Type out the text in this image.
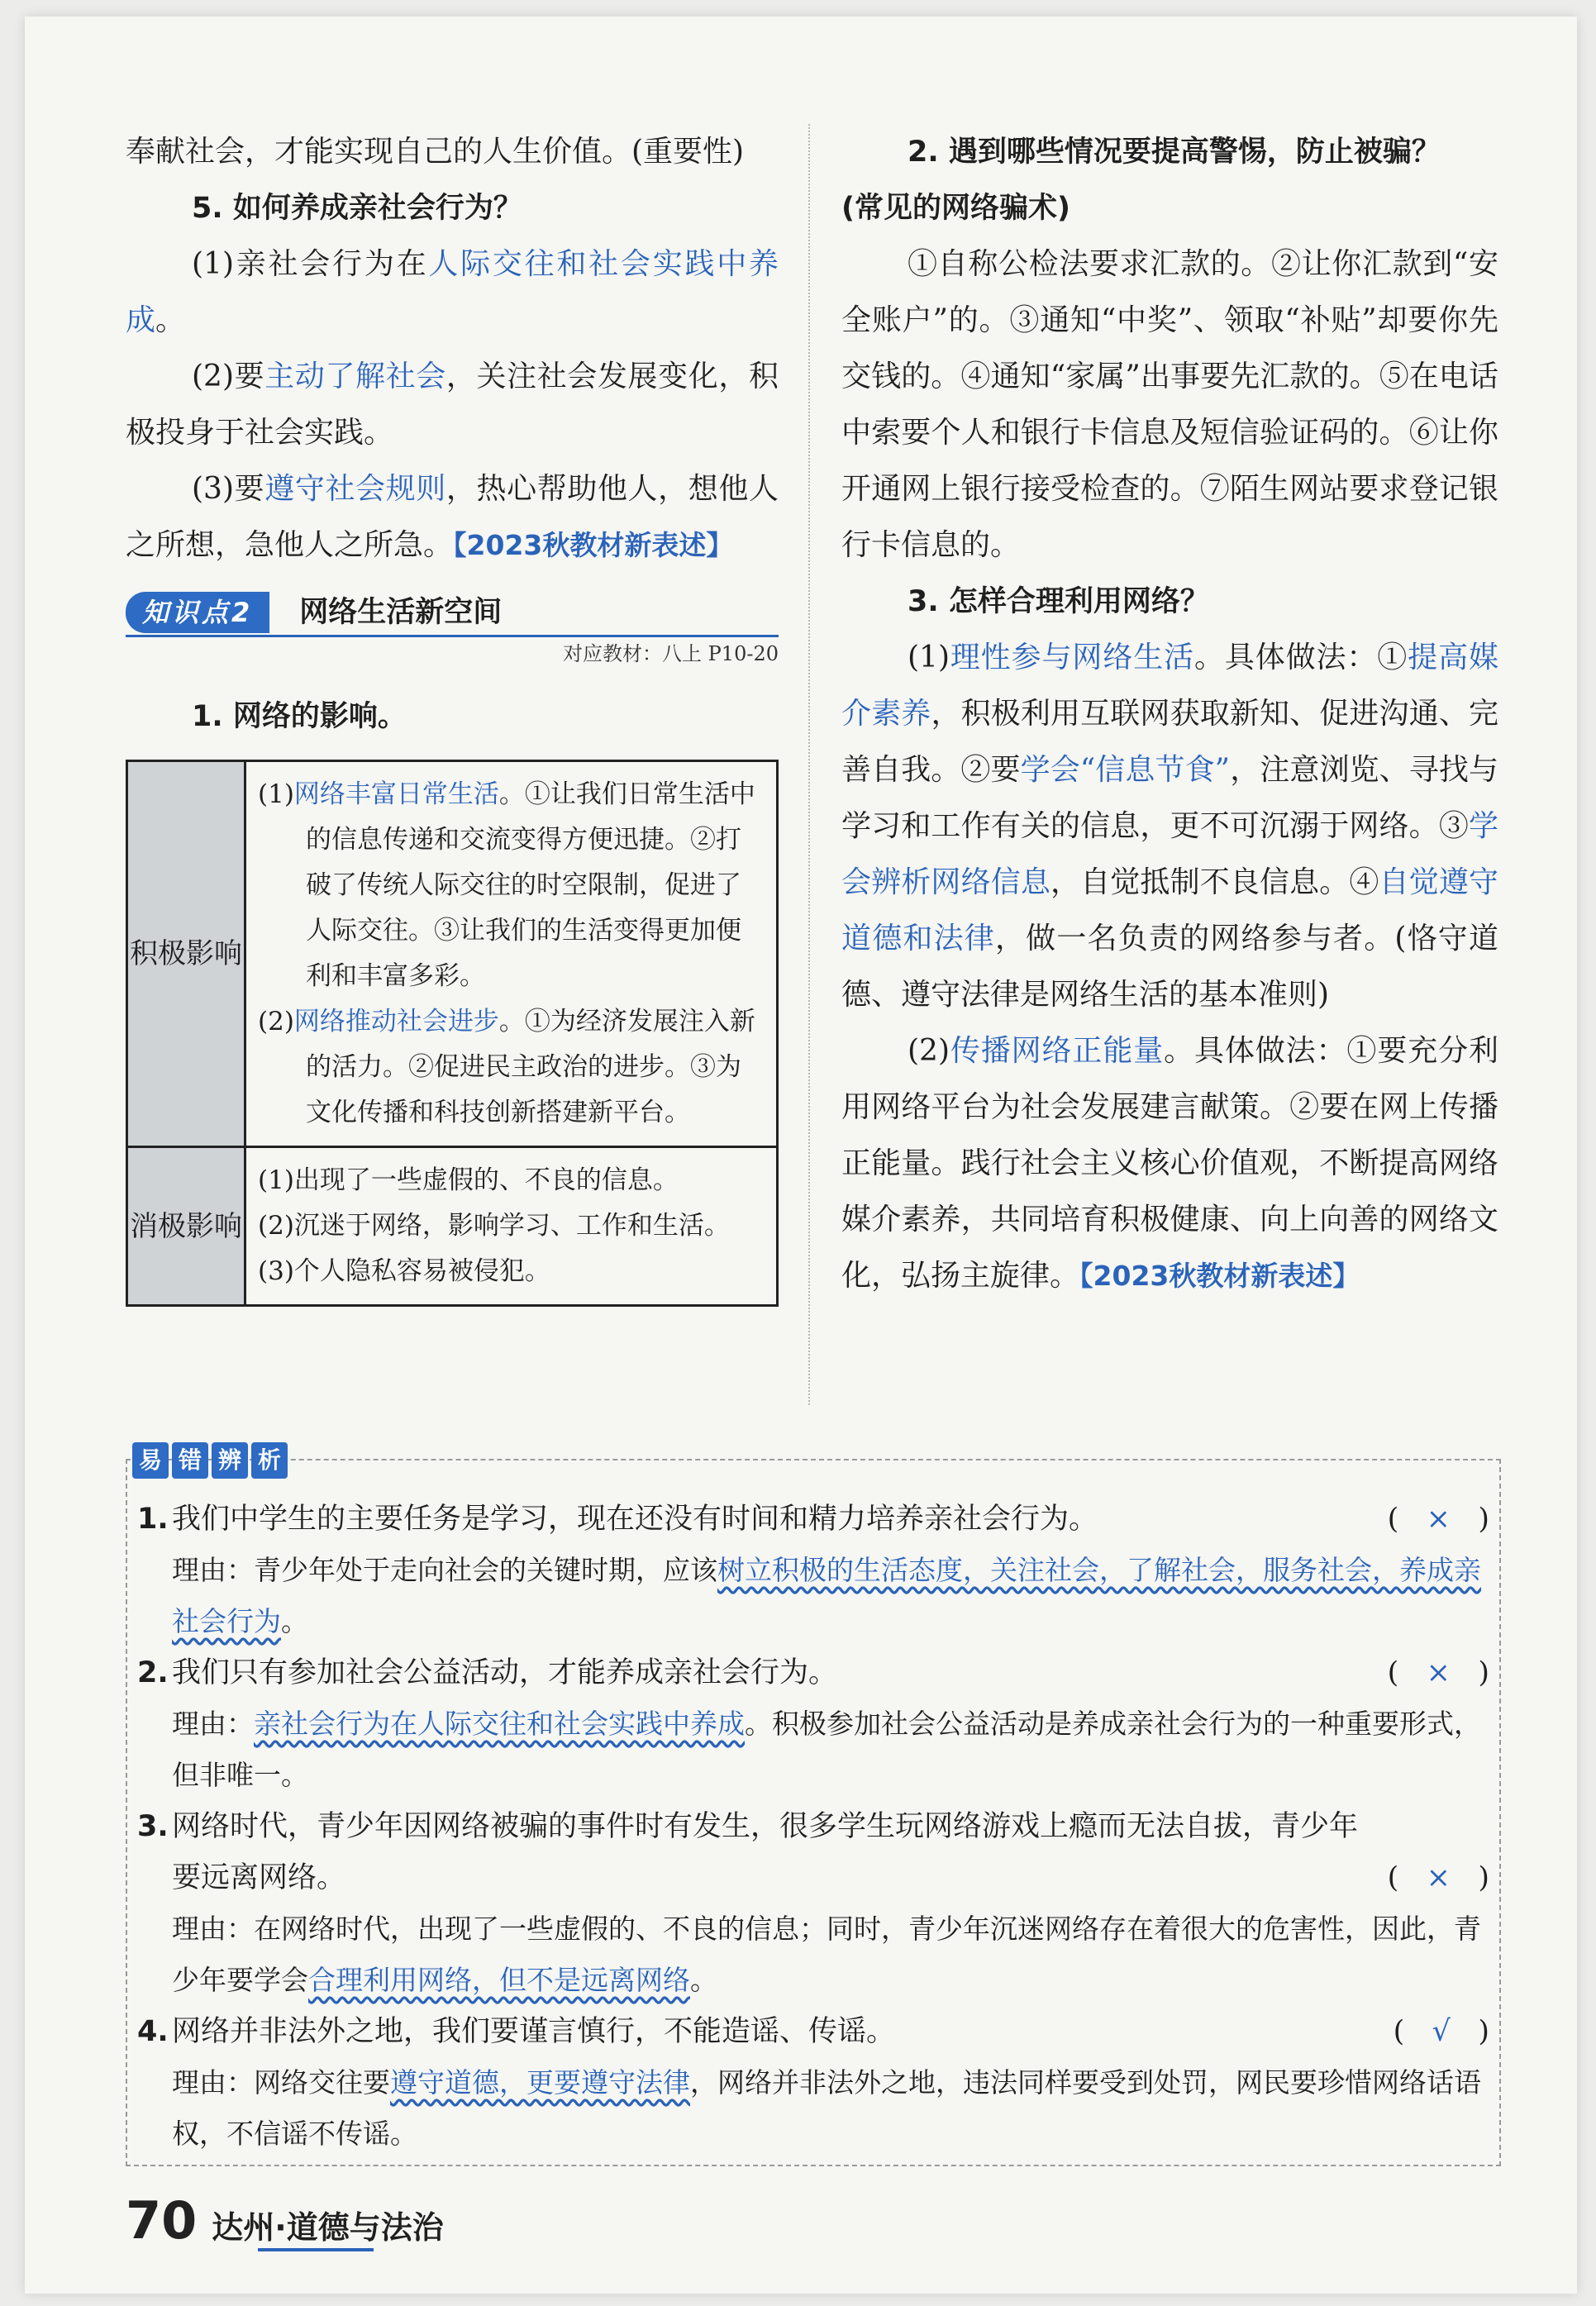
奉献社会，才能实现自己的人生价值。(重要性)

5. 如何养成亲社会行为？

(1)亲社会行为在人际交往和社会实践中养成。

(2)要主动了解社会，关注社会发展变化，积极投身于社会实践。

(3)要遵守社会规则，热心帮助他人，想他人之所想，急他人之所急。【2023秋教材新表述】

知识点2	网络生活新空间
对应教材：八上 P10-20

1. 网络的影响。

积极影响	(1)网络丰富日常生活。①让我们日常生活中的信息传递和交流变得方便迅捷。②打破了传统人际交往的时空限制，促进了人际交往。③让我们的生活变得更加便利和丰富多彩。
(2)网络推动社会进步。①为经济发展注入新的活力。②促进民主政治的进步。③为文化传播和科技创新搭建新平台。

消极影响	(1)出现了一些虚假的、不良的信息。
(2)沉迷于网络，影响学习、工作和生活。
(3)个人隐私容易被侵犯。

2. 遇到哪些情况要提高警惕，防止被骗？

(常见的网络骗术)

①自称公检法要求汇款的。②让你汇款到“安全账户”的。③通知“中奖”、领取“补贴”却要你先交钱的。④通知“家属”出事要先汇款的。⑤在电话中索要个人和银行卡信息及短信验证码的。⑥让你开通网上银行接受检查的。⑦陌生网站要求登记银行卡信息的。

3. 怎样合理利用网络？

(1)理性参与网络生活。具体做法：①提高媒介素养，积极利用互联网获取新知、促进沟通、完善自我。②要学会“信息节食”，注意浏览、寻找与学习和工作有关的信息，更不可沉溺于网络。③学会辨析网络信息，自觉抵制不良信息。④自觉遵守道德和法律，做一名负责的网络参与者。(恪守道德、遵守法律是网络生活的基本准则)

(2)传播网络正能量。具体做法：①要充分利用网络平台为社会发展建言献策。②要在网上传播正能量。践行社会主义核心价值观，不断提高网络媒介素养，共同培育积极健康、向上向善的网络文化，弘扬主旋律。【2023秋教材新表述】

易 错 辨 析
1. 我们中学生的主要任务是学习，现在还没有时间和精力培养亲社会行为。	(   ×   )
理由：青少年处于走向社会的关键时期，应该树立积极的生活态度，关注社会，了解社会，服务社会，养成亲社会行为。
2. 我们只有参加社会公益活动，才能养成亲社会行为。	(   ×   )
理由：亲社会行为在人际交往和社会实践中养成。积极参加社会公益活动是养成亲社会行为的一种重要形式，但非唯一。
3. 网络时代，青少年因网络被骗的事件时有发生，很多学生玩网络游戏上瘾而无法自拔，青少年要远离网络。	(   ×   )
理由：在网络时代，出现了一些虚假的、不良的信息；同时，青少年沉迷网络存在着很大的危害性，因此，青少年要学会合理利用网络，但不是远离网络。
4. 网络并非法外之地，我们要谨言慎行，不能造谣、传谣。	(   √   )
理由：网络交往要遵守道德，更要遵守法律，网络并非法外之地，违法同样要受到处罚，网民要珍惜网络话语权，不信谣不传谣。
70 达州·道德与法治
